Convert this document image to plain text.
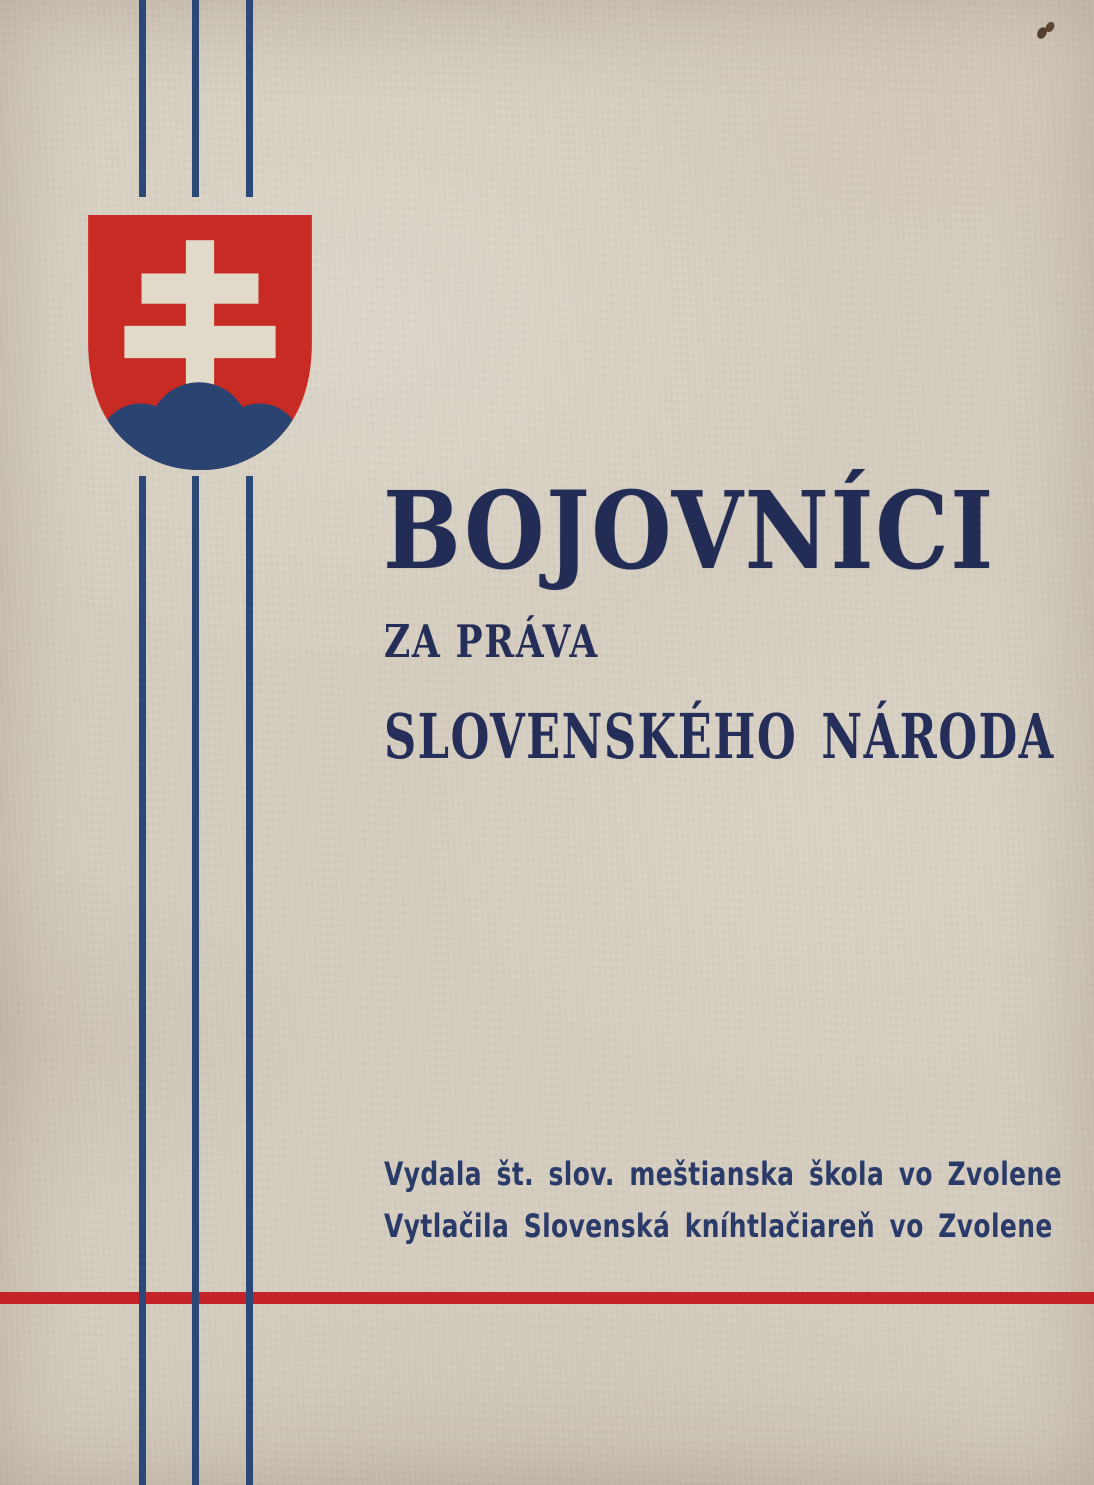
BOJOVNÍCI
ZA PRÁVA
SLOVENSKÉHO NÁRODA
Vydala št. slov. meštianska škola vo Zvolene
Vytlačila Slovenská kníhtlačiareň vo Zvolene
